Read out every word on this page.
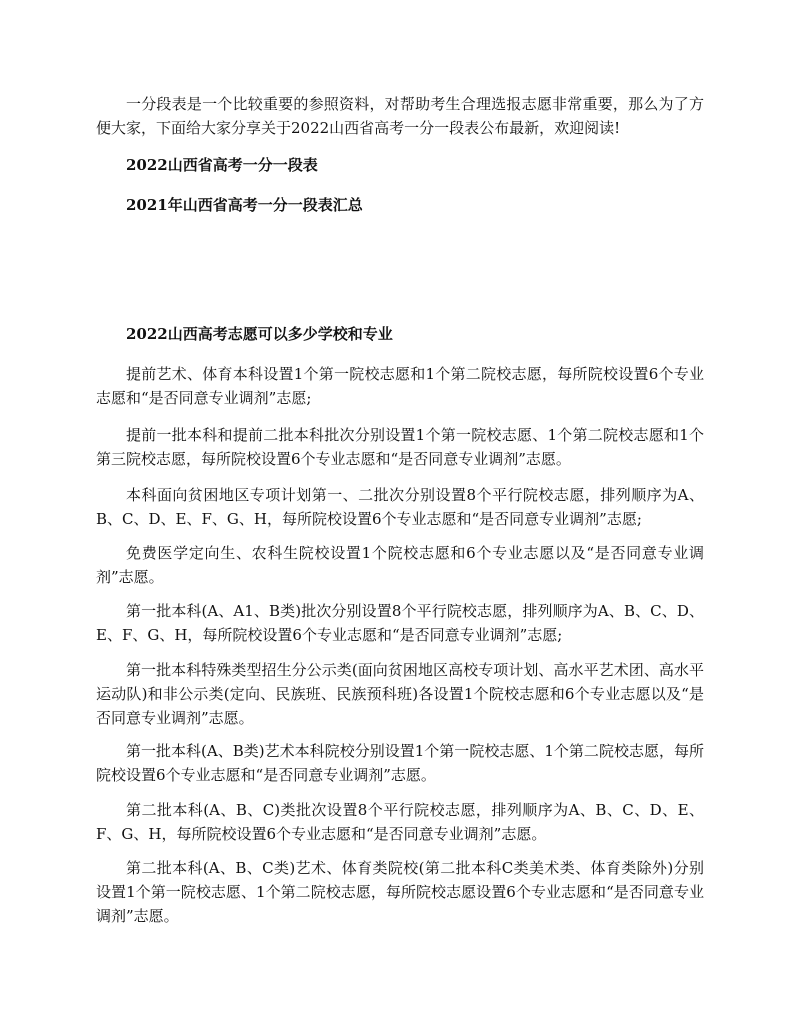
一分段表是一个比较重要的参照资料，对帮助考生合理选报志愿非常重要，那么为了方便大家，下面给大家分享关于2022山西省高考一分一段表公布最新，欢迎阅读!

2022山西省高考一分一段表

2021年山西省高考一分一段表汇总

2022山西高考志愿可以多少学校和专业

提前艺术、体育本科设置1个第一院校志愿和1个第二院校志愿，每所院校设置6个专业志愿和“是否同意专业调剂”志愿;

提前一批本科和提前二批本科批次分别设置1个第一院校志愿、1个第二院校志愿和1个第三院校志愿，每所院校设置6个专业志愿和“是否同意专业调剂”志愿。

本科面向贫困地区专项计划第一、二批次分别设置8个平行院校志愿，排列顺序为A、B、C、D、E、F、G、H，每所院校设置6个专业志愿和“是否同意专业调剂”志愿;

免费医学定向生、农科生院校设置1个院校志愿和6个专业志愿以及“是否同意专业调剂”志愿。

第一批本科(A、A1、B类)批次分别设置8个平行院校志愿，排列顺序为A、B、C、D、E、F、G、H，每所院校设置6个专业志愿和“是否同意专业调剂”志愿;

第一批本科特殊类型招生分公示类(面向贫困地区高校专项计划、高水平艺术团、高水平运动队)和非公示类(定向、民族班、民族预科班)各设置1个院校志愿和6个专业志愿以及“是否同意专业调剂”志愿。

第一批本科(A、B类)艺术本科院校分别设置1个第一院校志愿、1个第二院校志愿，每所院校设置6个专业志愿和“是否同意专业调剂”志愿。

第二批本科(A、B、C)类批次设置8个平行院校志愿，排列顺序为A、B、C、D、E、F、G、H，每所院校设置6个专业志愿和“是否同意专业调剂”志愿。

第二批本科(A、B、C类)艺术、体育类院校(第二批本科C类美术类、体育类除外)分别设置1个第一院校志愿、1个第二院校志愿，每所院校志愿设置6个专业志愿和“是否同意专业调剂”志愿。
